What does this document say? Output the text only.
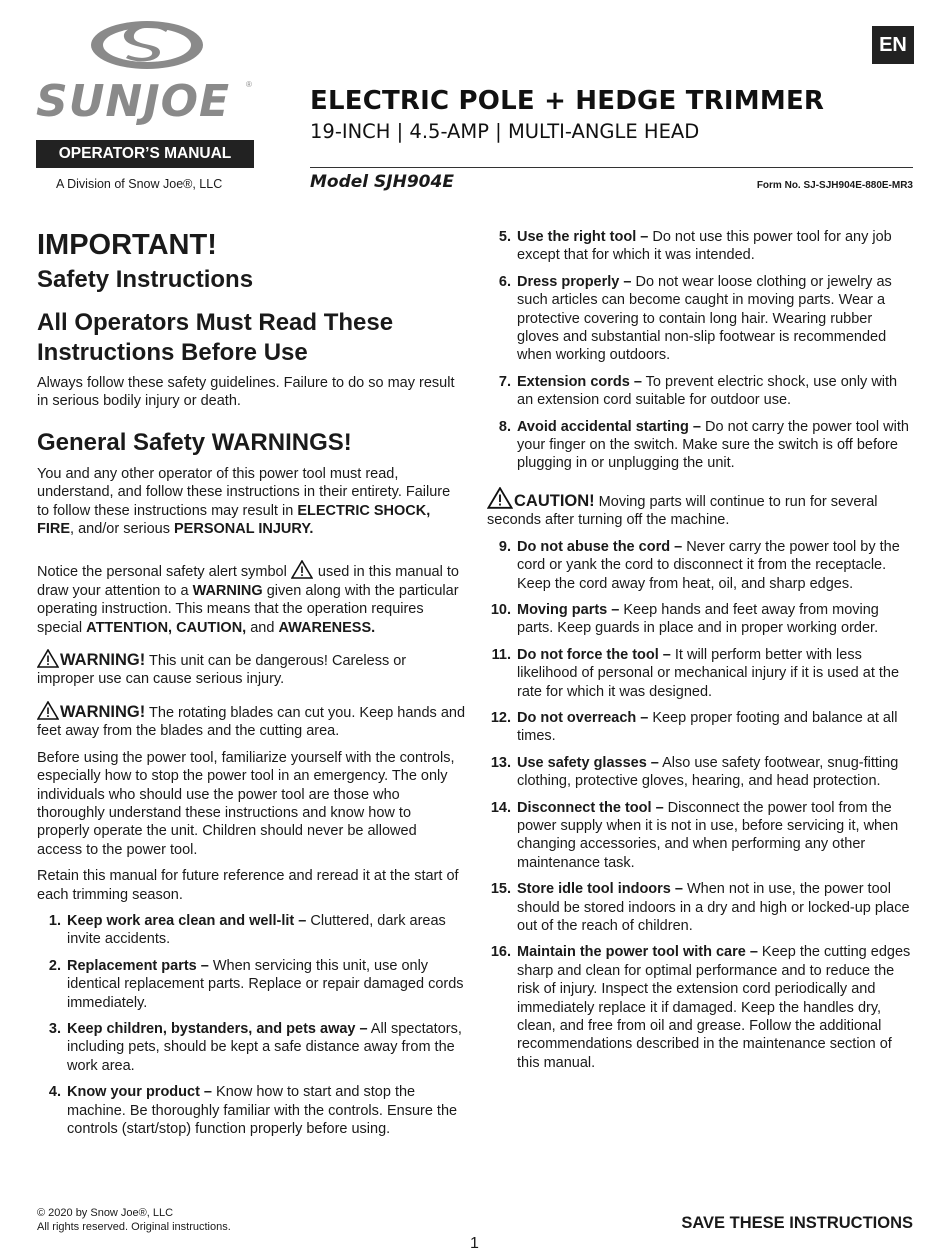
SUNJOE ®
OPERATOR’S MANUAL
A Division of Snow Joe®, LLC
EN
ELECTRIC POLE + HEDGE TRIMMER
19-INCH | 4.5-AMP | MULTI-ANGLE HEAD
Model SJH904E	Form No. SJ-SJH904E-880E-MR3
IMPORTANT!
Safety Instructions
All Operators Must Read These Instructions Before Use

Always follow these safety guidelines. Failure to do so may result in serious bodily injury or death.

General Safety WARNINGS!

You and any other operator of this power tool must read, understand, and follow these instructions in their entirety. Failure to follow these instructions may result in ELECTRIC SHOCK, FIRE, and/or serious PERSONAL INJURY.

Notice the personal safety alert symbol  used in this manual to draw your attention to a WARNING given along with the particular operating instruction. This means that the operation requires special ATTENTION, CAUTION, and AWARENESS.

WARNING! This unit can be dangerous! Careless or improper use can cause serious injury.

WARNING! The rotating blades can cut you. Keep hands and feet away from the blades and the cutting area.

Before using the power tool, familiarize yourself with the controls, especially how to stop the power tool in an emergency. The only individuals who should use the power tool are those who thoroughly understand these instructions and know how to properly operate the unit. Children should never be allowed access to the power tool.

Retain this manual for future reference and reread it at the start of each trimming season.

1. Keep work area clean and well-lit – Cluttered, dark areas invite accidents.
2. Replacement parts – When servicing this unit, use only identical replacement parts. Replace or repair damaged cords immediately.
3. Keep children, bystanders, and pets away – All spectators, including pets, should be kept a safe distance away from the work area.
4. Know your product – Know how to start and stop the machine. Be thoroughly familiar with the controls. Ensure the controls (start/stop) function properly before using.
5. Use the right tool – Do not use this power tool for any job except that for which it was intended.
6. Dress properly – Do not wear loose clothing or jewelry as such articles can become caught in moving parts. Wear a protective covering to contain long hair. Wearing rubber gloves and substantial non-slip footwear is recommended when working outdoors.
7. Extension cords – To prevent electric shock, use only with an extension cord suitable for outdoor use.
8. Avoid accidental starting – Do not carry the power tool with your finger on the switch. Make sure the switch is off before plugging in or unplugging the unit.

CAUTION! Moving parts will continue to run for several seconds after turning off the machine.

9. Do not abuse the cord – Never carry the power tool by the cord or yank the cord to disconnect it from the receptacle. Keep the cord away from heat, oil, and sharp edges.
10. Moving parts – Keep hands and feet away from moving parts. Keep guards in place and in proper working order.
11. Do not force the tool – It will perform better with less likelihood of personal or mechanical injury if it is used at the rate for which it was designed.
12. Do not overreach – Keep proper footing and balance at all times.
13. Use safety glasses – Also use safety footwear, snug-fitting clothing, protective gloves, hearing, and head protection.
14. Disconnect the tool – Disconnect the power tool from the power supply when it is not in use, before servicing it, when changing accessories, and when performing any other maintenance task.
15. Store idle tool indoors – When not in use, the power tool should be stored indoors in a dry and high or locked-up place out of the reach of children.
16. Maintain the power tool with care – Keep the cutting edges sharp and clean for optimal performance and to reduce the risk of injury. Inspect the extension cord periodically and immediately replace it if damaged. Keep the handles dry, clean, and free from oil and grease. Follow the additional recommendations described in the maintenance section of this manual.
© 2020 by Snow Joe®, LLC
All rights reserved. Original instructions.	SAVE THESE INSTRUCTIONS
1
